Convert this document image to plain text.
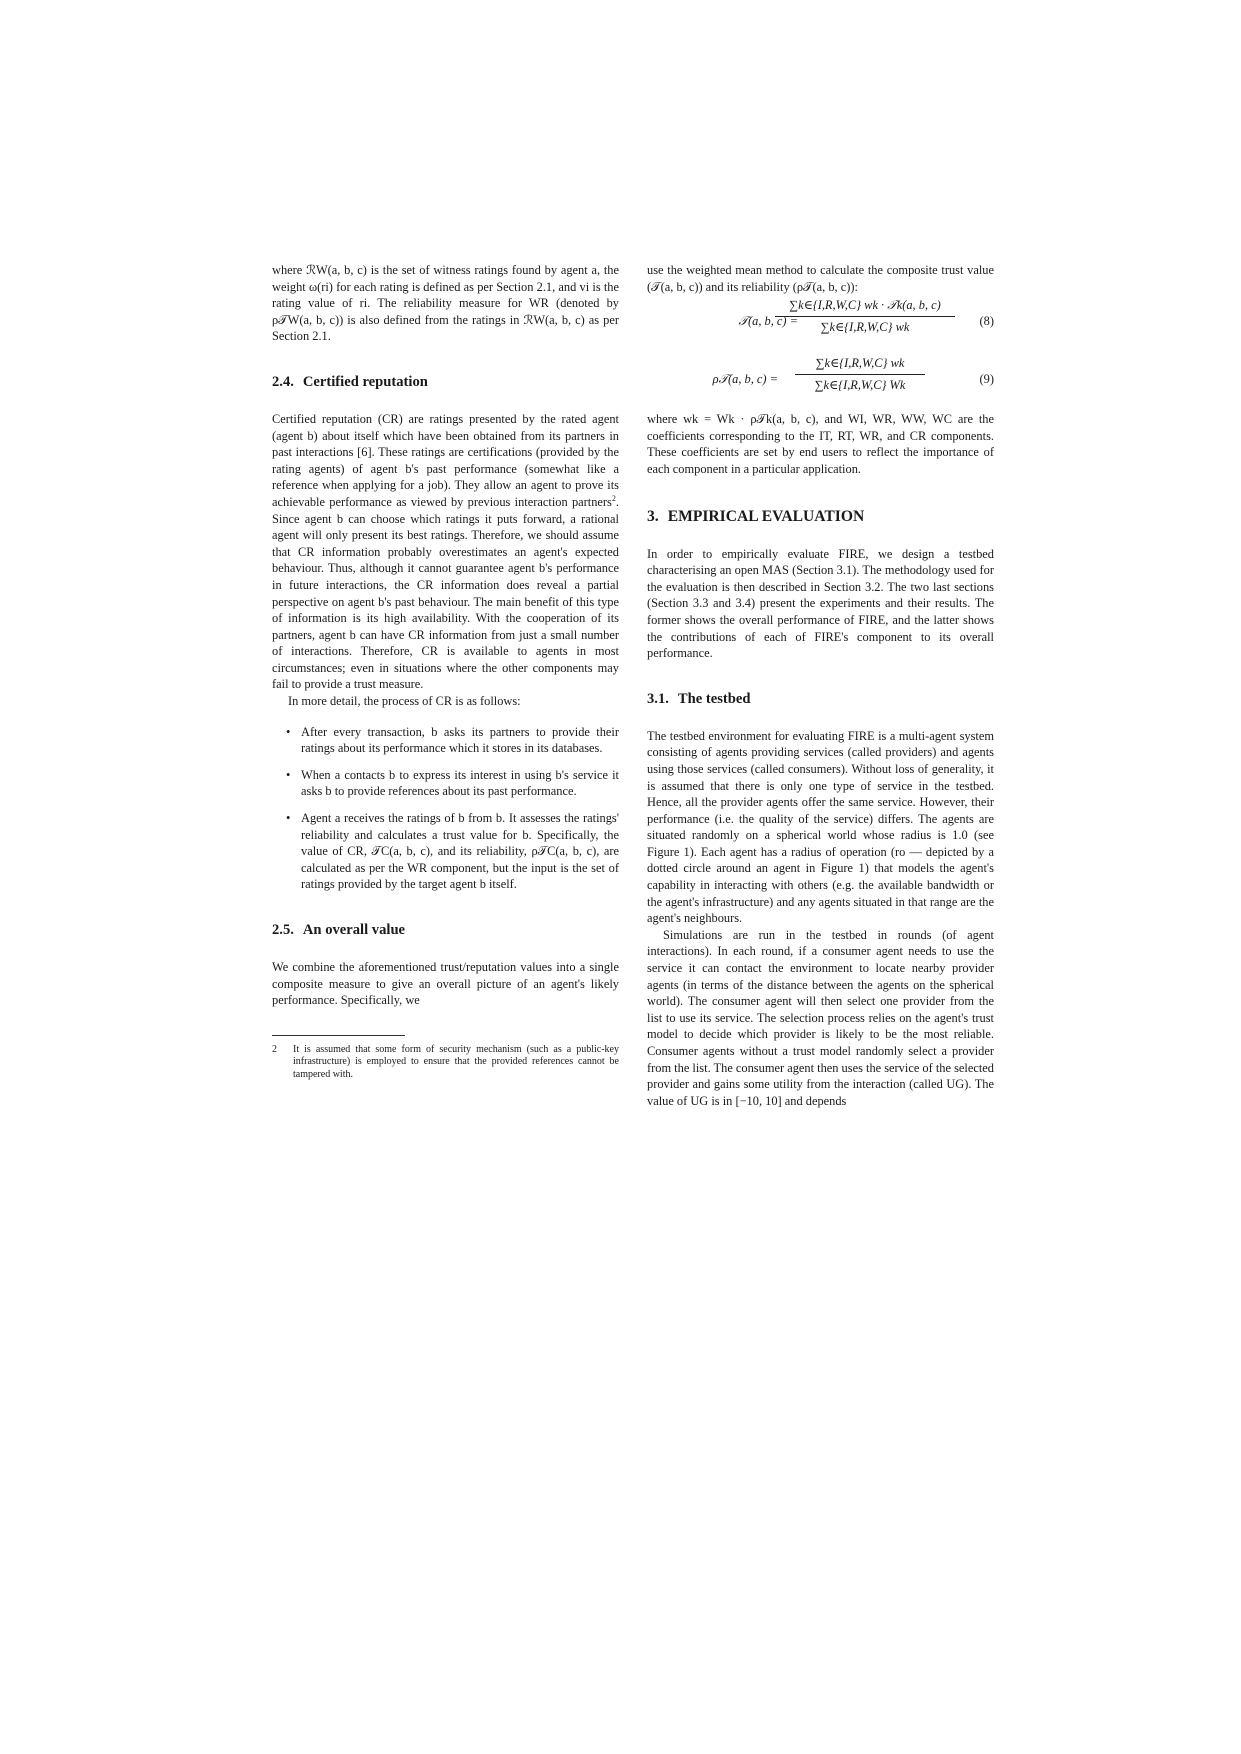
where ℛW(a, b, c) is the set of witness ratings found by agent a, the weight ω(ri) for each rating is defined as per Section 2.1, and vi is the rating value of ri. The reliability measure for WR (denoted by ρ𝒯W(a, b, c)) is also defined from the ratings in ℛW(a, b, c) as per Section 2.1.

2.4. Certified reputation

Certified reputation (CR) are ratings presented by the rated agent (agent b) about itself which have been obtained from its partners in past interactions [6]. These ratings are certifications (provided by the rating agents) of agent b's past performance (somewhat like a reference when applying for a job). They allow an agent to prove its achievable performance as viewed by previous interaction partners$^2$. Since agent b can choose which ratings it puts forward, a rational agent will only present its best ratings. Therefore, we should assume that CR information probably overestimates an agent's expected behaviour. Thus, although it cannot guarantee agent b's performance in future interactions, the CR information does reveal a partial perspective on agent b's past behaviour. The main benefit of this type of information is its high availability. With the cooperation of its partners, agent b can have CR information from just a small number of interactions. Therefore, CR is available to agents in most circumstances; even in situations where the other components may fail to provide a trust measure.

In more detail, the process of CR is as follows:

• After every transaction, b asks its partners to provide their ratings about its performance which it stores in its databases.
• When a contacts b to express its interest in using b's service it asks b to provide references about its past performance.
• Agent a receives the ratings of b from b. It assesses the ratings' reliability and calculates a trust value for b. Specifically, the value of CR, 𝒯C(a, b, c), and its reliability, ρ𝒯C(a, b, c), are calculated as per the WR component, but the input is the set of ratings provided by the target agent b itself.
2.5. An overall value

We combine the aforementioned trust/reputation values into a single composite measure to give an overall picture of an agent's likely performance. Specifically, we

2 It is assumed that some form of security mechanism (such as a public-key infrastructure) is employed to ensure that the provided references cannot be tampered with.

use the weighted mean method to calculate the composite trust value (𝒯(a, b, c)) and its reliability (ρ𝒯(a, b, c)):

𝒯(a, b, c) =
∑k∈{I,R,W,C} wk · 𝒯k(a, b, c)
∑k∈{I,R,W,C} wk	(8)
ρ𝒯(a, b, $c) = \frac{\sum k\in\{I,R,W,C\} wk}{\sum k\in\{I,R,W,C\} Wk}$	(9)

where wk = Wk · ρ𝒯k(a, b, c), and WI, WR, WW, WC are the coefficients corresponding to the IT, RT, WR, and CR components. These coefficients are set by end users to reflect the importance of each component in a particular application.

3. EMPIRICAL EVALUATION

In order to empirically evaluate FIRE, we design a testbed characterising an open MAS (Section 3.1). The methodology used for the evaluation is then described in Section 3.2. The two last sections (Section 3.3 and 3.4) present the experiments and their results. The former shows the overall performance of FIRE, and the latter shows the contributions of each of FIRE's component to its overall performance.

3.1. The testbed

The testbed environment for evaluating FIRE is a multi-agent system consisting of agents providing services (called providers) and agents using those services (called consumers). Without loss of generality, it is assumed that there is only one type of service in the testbed. Hence, all the provider agents offer the same service. However, their performance (i.e. the quality of the service) differs. The agents are situated randomly on a spherical world whose radius is 1.0 (see Figure 1). Each agent has a radius of operation (ro — depicted by a dotted circle around an agent in Figure 1) that models the agent's capability in interacting with others (e.g. the available bandwidth or the agent's infrastructure) and any agents situated in that range are the agent's neighbours.

Simulations are run in the testbed in rounds (of agent interactions). In each round, if a consumer agent needs to use the service it can contact the environment to locate nearby provider agents (in terms of the distance between the agents on the spherical world). The consumer agent will then select one provider from the list to use its service. The selection process relies on the agent's trust model to decide which provider is likely to be the most reliable. Consumer agents without a trust model randomly select a provider from the list. The consumer agent then uses the service of the selected provider and gains some utility from the interaction (called UG). The value of UG is in [−10, 10] and depends
